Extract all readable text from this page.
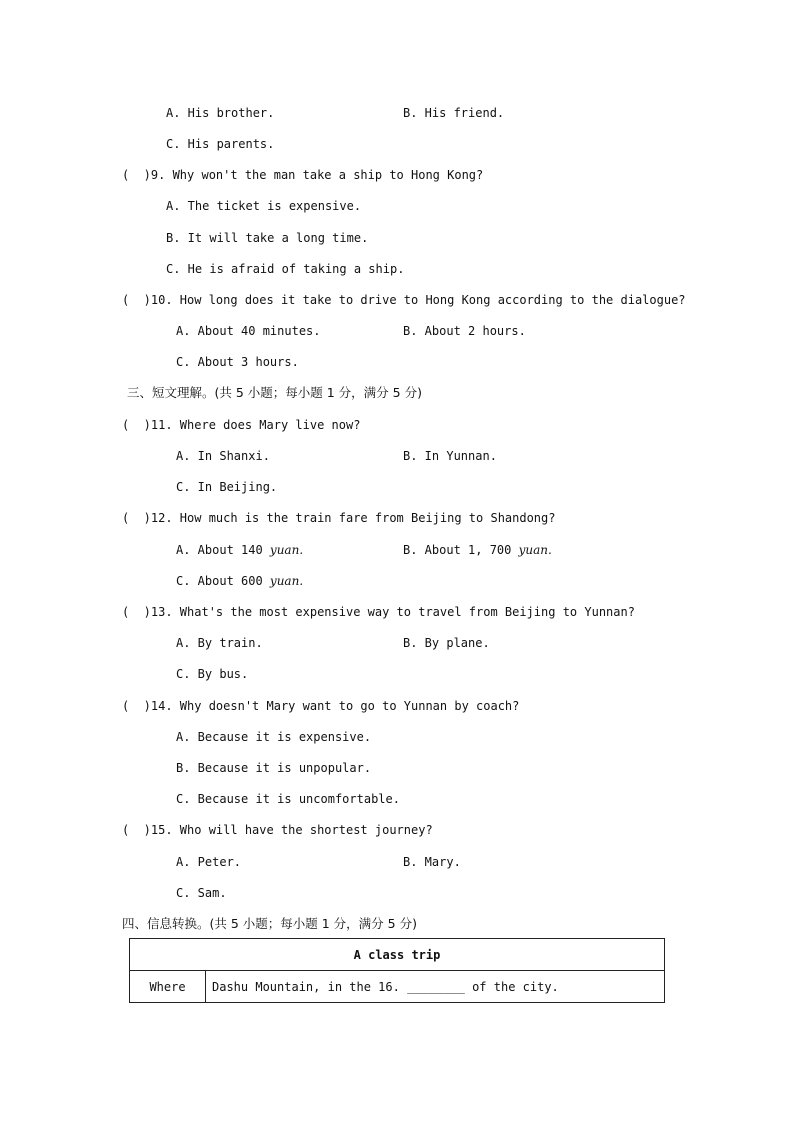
A. His brother.	B. His friend.
C. His parents.
(  )9. Why won't the man take a ship to Hong Kong?
A. The ticket is expensive.
B. It will take a long time.
C. He is afraid of taking a ship.
(  )10. How long does it take to drive to Hong Kong according to the dialogue?
A. About 40 minutes.	B. About 2 hours.
C. About 3 hours.
三、短文理解。(共 5 小题；每小题 1 分，满分 5 分)
(  )11. Where does Mary live now?
A. In Shanxi.	B. In Yunnan.
C. In Beijing.
(  )12. How much is the train fare from Beijing to Shandong?
A. About 140 yuan.	B. About 1, 700 yuan.
C. About 600 yuan.
(  )13. What's the most expensive way to travel from Beijing to Yunnan?
A. By train.	B. By plane.
C. By bus.
(  )14. Why doesn't Mary want to go to Yunnan by coach?
A. Because it is expensive.
B. Because it is unpopular.
C. Because it is uncomfortable.
(  )15. Who will have the shortest journey?
A. Peter.	B. Mary.
C. Sam.
四、信息转换。(共 5 小题；每小题 1 分，满分 5 分)
A class trip
Where	Dashu Mountain, in the 16. ________ of the city.
